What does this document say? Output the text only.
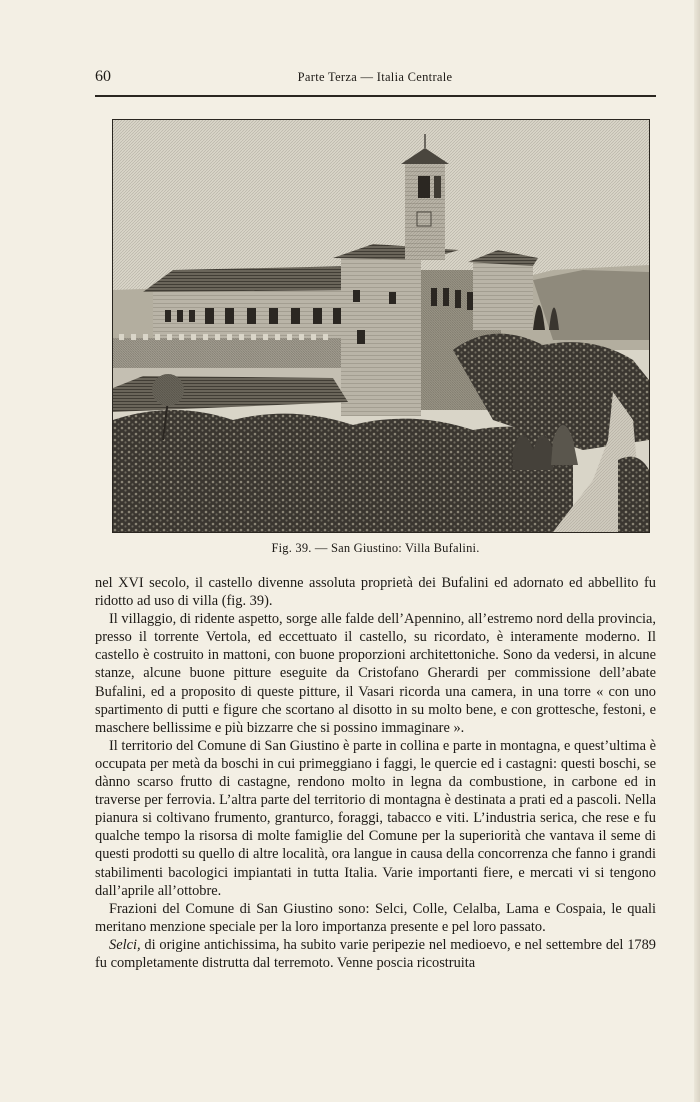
60	Parte Terza — Italia Centrale
Fig. 39. — San Giustino: Villa Bufalini.

nel XVI secolo, il castello divenne assoluta proprietà dei Bufalini ed adornato ed abbellito fu ridotto ad uso di villa (fig. 39).

Il villaggio, di ridente aspetto, sorge alle falde dell’Apennino, all’estremo nord della provincia, presso il torrente Vertola, ed eccettuato il castello, su ricordato, è interamente moderno. Il castello è costruito in mattoni, con buone proporzioni architettoniche. Sono da vedersi, in alcune stanze, alcune buone pitture eseguite da Cristofano Gherardi per commissione dell’abate Bufalini, ed a proposito di queste pitture, il Vasari ricorda una camera, in una torre « con uno spartimento di putti e figure che scortano al disotto in su molto bene, e con grottesche, festoni, e maschere bellissime e più bizzarre che si possino immaginare ».

Il territorio del Comune di San Giustino è parte in collina e parte in montagna, e quest’ultima è occupata per metà da boschi in cui primeggiano i faggi, le quercie ed i castagni: questi boschi, se dànno scarso frutto di castagne, rendono molto in legna da combustione, in carbone ed in traverse per ferrovia. L’altra parte del territorio di montagna è destinata a prati ed a pascoli. Nella pianura si coltivano frumento, granturco, foraggi, tabacco e viti. L’industria serica, che rese e fu qualche tempo la risorsa di molte famiglie del Comune per la superiorità che vantava il seme di questi prodotti su quello di altre località, ora langue in causa della concorrenza che fanno i grandi stabilimenti bacologici impiantati in tutta Italia. Varie importanti fiere, e mercati vi si tengono dall’aprile all’ottobre.

Frazioni del Comune di San Giustino sono: Selci, Colle, Celalba, Lama e Cospaia, le quali meritano menzione speciale per la loro importanza presente e pel loro passato.

Selci, di origine antichissima, ha subito varie peripezie nel medioevo, e nel settembre del 1789 fu completamente distrutta dal terremoto. Venne poscia ricostruita
